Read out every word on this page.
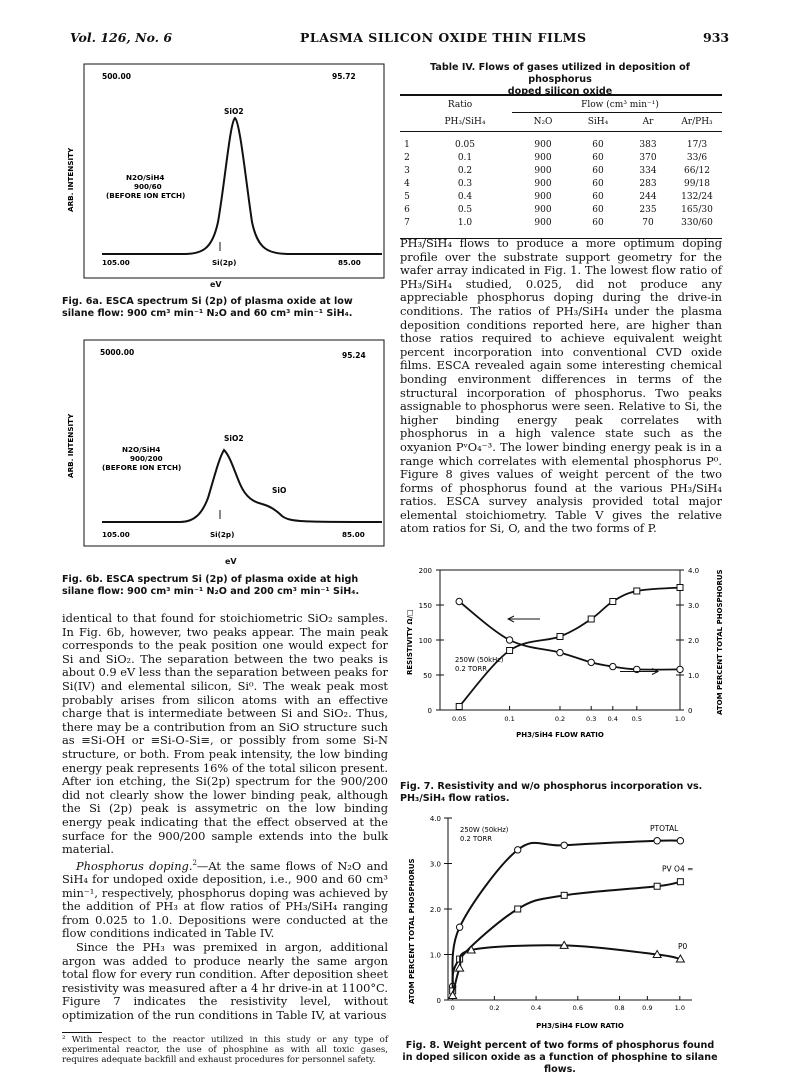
Vol. 126, No. 6	PLASMA SILICON OXIDE THIN FILMS	933
500.00	95.72
SiO2
N2O/SiH4
900/60
(BEFORE ION ETCH)
ARB. INTENSITY
105.00	Si(2p)	85.00
eV
Fig. 6a. ESCA spectrum Si (2p) of plasma oxide at low silane flow: 900 cm³ min⁻¹ N₂O and 60 cm³ min⁻¹ SiH₄.
5000.00	95.24
SiO2
SiO
N2O/SiH4
900/200
(BEFORE ION ETCH)
ARB. INTENSITY
105.00	Si(2p)	85.00
eV
Fig. 6b. ESCA spectrum Si (2p) of plasma oxide at high silane flow: 900 cm³ min⁻¹ N₂O and 200 cm³ min⁻¹ SiH₄.

identical to that found for stoichiometric SiO₂ samples. In Fig. 6b, however, two peaks appear. The main peak corresponds to the peak position one would expect for Si and SiO₂. The separation between the two peaks is about 0.9 eV less than the separation between peaks for Si(IV) and elemental silicon, Si⁰. The weak peak most probably arises from silicon atoms with an effective charge that is intermediate between Si and SiO₂. Thus, there may be a contribution from an SiO structure such as ≡Si-OH or ≡Si-O-Si≡, or possibly from some Si-N structure, or both. From peak intensity, the low binding energy peak represents 16% of the total silicon present. After ion etching, the Si(2p) spectrum for the 900/200 did not clearly show the lower binding peak, although the Si (2p) peak is assymetric on the low binding energy peak indicating that the effect observed at the surface for the 900/200 sample extends into the bulk material.

Phosphorus doping.$^2$—At the same flows of N₂O and SiH₄ for undoped oxide deposition, i.e., 900 and 60 cm³ min⁻¹, respectively, phosphorus doping was achieved by the addition of PH₃ at flow ratios of PH₃/SiH₄ ranging from 0.025 to 1.0. Depositions were conducted at the flow conditions indicated in Table IV.

Since the PH₃ was premixed in argon, additional argon was added to produce nearly the same argon total flow for every run condition. After deposition sheet resistivity was measured after a 4 hr drive-in at 1100°C. Figure 7 indicates the resistivity level, without optimization of the run conditions in Table IV, at various

² With respect to the reactor utilized in this study or any type of experimental reactor, the use of phosphine as with all toxic gases, requires adequate backfill and exhaust procedures for personnel safety.
Table IV. Flows of gases utilized in deposition of phosphorus
doped silicon oxide
Ratio	Flow (cm³ min⁻¹)
PH₃/SiH₄	N₂O	SiH₄	Ar	Ar/PH₃
1	0.05	900	60	383	17/3
2	0.1	900	60	370	33/6
3	0.2	900	60	334	66/12
4	0.3	900	60	283	99/18
5	0.4	900	60	244	132/24
6	0.5	900	60	235	165/30
7	1.0	900	60	70	330/60

PH₃/SiH₄ flows to produce a more optimum doping profile over the substrate support geometry for the wafer array indicated in Fig. 1. The lowest flow ratio of PH₃/SiH₄ studied, 0.025, did not produce any appreciable phosphorus doping during the drive-in conditions. The ratios of PH₃/SiH₄ under the plasma deposition conditions reported here, are higher than those ratios required to achieve equivalent weight percent incorporation into conventional CVD oxide films. ESCA revealed again some interesting chemical bonding environment differences in terms of the structural incorporation of phosphorus. Two peaks assignable to phosphorus were seen. Relative to Si, the higher binding energy peak correlates with phosphorus in a high valence state such as the oxyanion PᵛO₄⁻³. The lower binding energy peak is in a range which correlates with elemental phosphorus P⁰. Figure 8 gives values of weight percent of the two forms of phosphorus found at the various PH₃/SiH₄ ratios. ESCA survey analysis provided total major elemental stoichiometry. Table V gives the relative atom ratios for Si, O, and the two forms of P.

0
50
100
150
200
0
1.0
2.0
3.0
4.0
0.05	0.1	0.2	0.3 0.4 0.5	1.0
PH3/SiH4 FLOW RATIO
RESISTIVITY Ω/□	ATOM PERCENT TOTAL PHOSPHORUS
250W (50kHz)
0.2 TORR
Fig. 7. Resistivity and w/o phosphorus incorporation vs. PH₃/SiH₄ flow ratios.
0
1.0
2.0
3.0
4.0
0	0.2	0.4	0.6	0.8	0.9	1.0
PH3/SiH4 FLOW RATIO
ATOM PERCENT TOTAL PHOSPHORUS
250W (50kHz)
0.2 TORR
PTOTAL
PV O4 =
P0
Fig. 8. Weight percent of two forms of phosphorus found in doped silicon oxide as a function of phosphine to silane flows.
